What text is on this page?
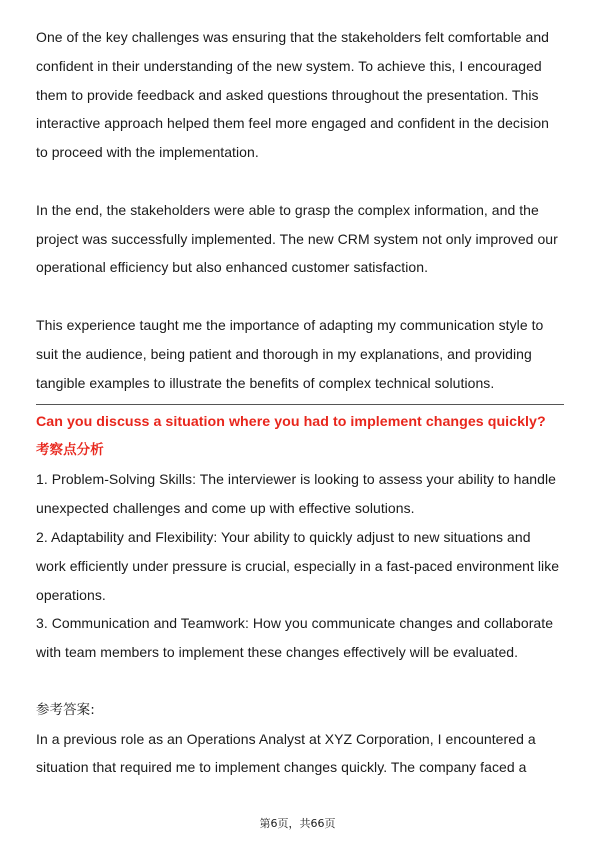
One of the key challenges was ensuring that the stakeholders felt comfortable and confident in their understanding of the new system. To achieve this, I encouraged them to provide feedback and asked questions throughout the presentation. This interactive approach helped them feel more engaged and confident in the decision to proceed with the implementation.

In the end, the stakeholders were able to grasp the complex information, and the project was successfully implemented. The new CRM system not only improved our operational efficiency but also enhanced customer satisfaction.

This experience taught me the importance of adapting my communication style to suit the audience, being patient and thorough in my explanations, and providing tangible examples to illustrate the benefits of complex technical solutions.

Can you discuss a situation where you had to implement changes quickly?

考察点分析

1. Problem-Solving Skills: The interviewer is looking to assess your ability to handle unexpected challenges and come up with effective solutions.

2. Adaptability and Flexibility: Your ability to quickly adjust to new situations and work efficiently under pressure is crucial, especially in a fast-paced environment like operations.

3. Communication and Teamwork: How you communicate changes and collaborate with team members to implement these changes effectively will be evaluated.

参考答案:

In a previous role as an Operations Analyst at XYZ Corporation, I encountered a situation that required me to implement changes quickly. The company faced a

第6页，共66页
